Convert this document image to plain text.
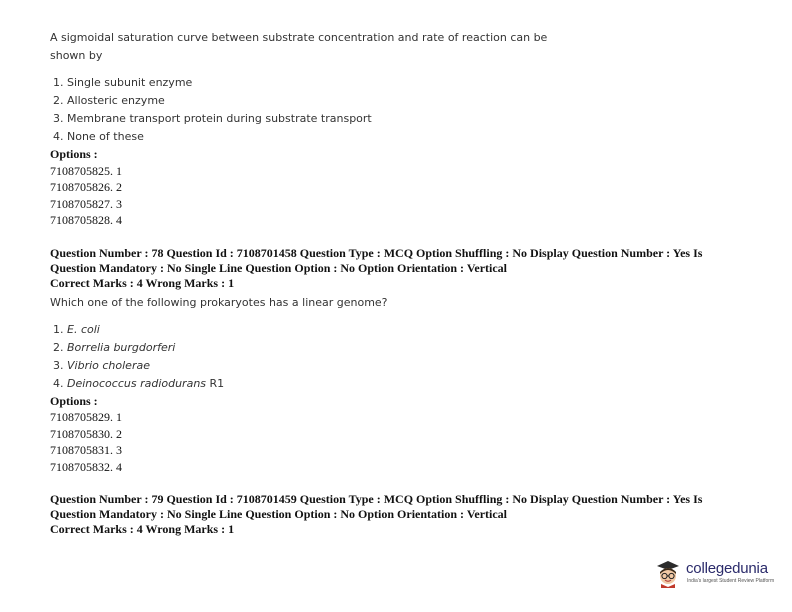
A sigmoidal saturation curve between substrate concentration and rate of reaction can be
shown by

1. Single subunit enzyme
2. Allosteric enzyme
3. Membrane transport protein during substrate transport
4. None of these

Options :

7108705825. 1

7108705826. 2

7108705827. 3

7108705828. 4

Question Number : 78 Question Id : 7108701458 Question Type : MCQ Option Shuffling : No Display Question Number : Yes Is
Question Mandatory : No Single Line Question Option : No Option Orientation : Vertical

Correct Marks : 4 Wrong Marks : 1

Which one of the following prokaryotes has a linear genome?

1. E. coli
2. Borrelia burgdorferi
3. Vibrio cholerae
4. Deinococcus radiodurans R1

Options :

7108705829. 1

7108705830. 2

7108705831. 3

7108705832. 4

Question Number : 79 Question Id : 7108701459 Question Type : MCQ Option Shuffling : No Display Question Number : Yes Is
Question Mandatory : No Single Line Question Option : No Option Orientation : Vertical

Correct Marks : 4 Wrong Marks : 1

collegedunia
India's largest Student Review Platform
